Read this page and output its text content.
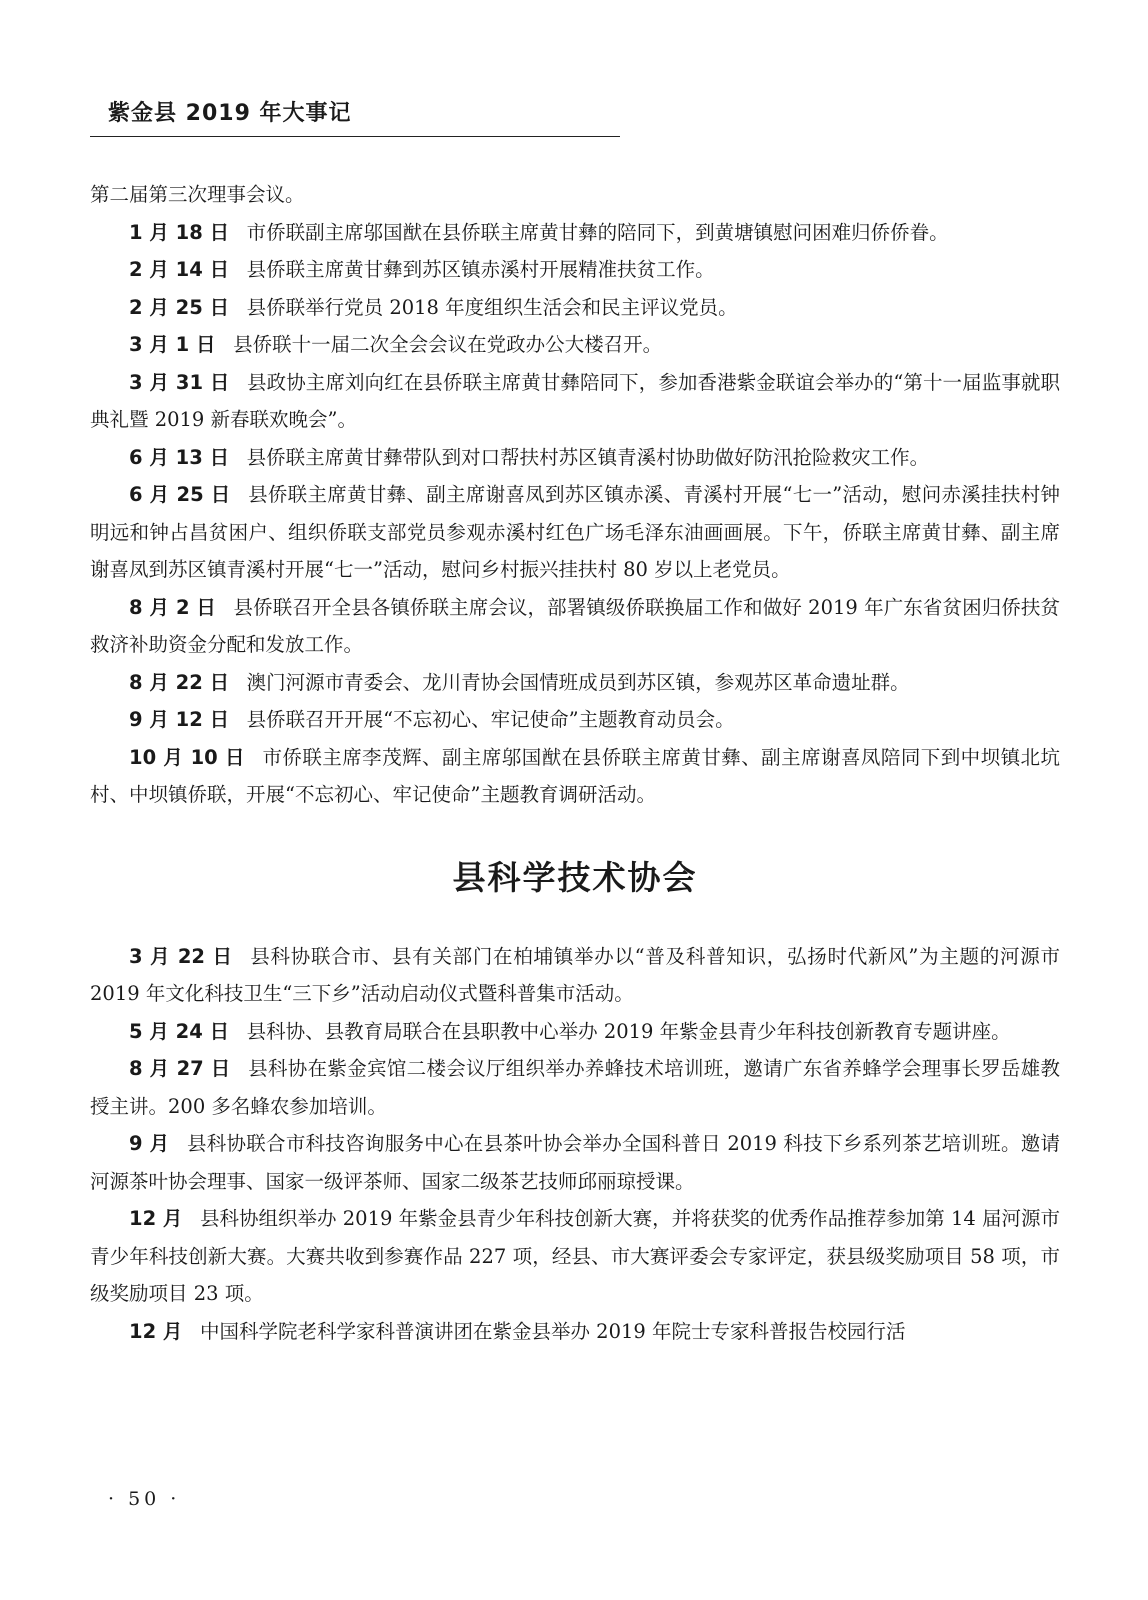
紫金县 2019 年大事记

第二届第三次理事会议。

1 月 18 日 市侨联副主席邬国猷在县侨联主席黄甘彝的陪同下，到黄塘镇慰问困难归侨侨眷。

2 月 14 日 县侨联主席黄甘彝到苏区镇赤溪村开展精准扶贫工作。

2 月 25 日 县侨联举行党员 2018 年度组织生活会和民主评议党员。

3 月 1 日 县侨联十一届二次全会会议在党政办公大楼召开。

3 月 31 日 县政协主席刘向红在县侨联主席黄甘彝陪同下，参加香港紫金联谊会举办的“第十一届监事就职典礼暨 2019 新春联欢晚会”。

6 月 13 日 县侨联主席黄甘彝带队到对口帮扶村苏区镇青溪村协助做好防汛抢险救灾工作。

6 月 25 日 县侨联主席黄甘彝、副主席谢喜凤到苏区镇赤溪、青溪村开展“七一”活动，慰问赤溪挂扶村钟明远和钟占昌贫困户、组织侨联支部党员参观赤溪村红色广场毛泽东油画画展。下午，侨联主席黄甘彝、副主席谢喜凤到苏区镇青溪村开展“七一”活动，慰问乡村振兴挂扶村 80 岁以上老党员。

8 月 2 日 县侨联召开全县各镇侨联主席会议，部署镇级侨联换届工作和做好 2019 年广东省贫困归侨扶贫救济补助资金分配和发放工作。

8 月 22 日 澳门河源市青委会、龙川青协会国情班成员到苏区镇，参观苏区革命遗址群。

9 月 12 日 县侨联召开开展“不忘初心、牢记使命”主题教育动员会。

10 月 10 日 市侨联主席李茂辉、副主席邬国猷在县侨联主席黄甘彝、副主席谢喜凤陪同下到中坝镇北坑村、中坝镇侨联，开展“不忘初心、牢记使命”主题教育调研活动。

县科学技术协会

3 月 22 日 县科协联合市、县有关部门在柏埔镇举办以“普及科普知识，弘扬时代新风”为主题的河源市 2019 年文化科技卫生“三下乡”活动启动仪式暨科普集市活动。

5 月 24 日 县科协、县教育局联合在县职教中心举办 2019 年紫金县青少年科技创新教育专题讲座。

8 月 27 日 县科协在紫金宾馆二楼会议厅组织举办养蜂技术培训班，邀请广东省养蜂学会理事长罗岳雄教授主讲。200 多名蜂农参加培训。

9 月 县科协联合市科技咨询服务中心在县茶叶协会举办全国科普日 2019 科技下乡系列茶艺培训班。邀请河源茶叶协会理事、国家一级评茶师、国家二级茶艺技师邱丽琼授课。

12 月 县科协组织举办 2019 年紫金县青少年科技创新大赛，并将获奖的优秀作品推荐参加第 14 届河源市青少年科技创新大赛。大赛共收到参赛作品 227 项，经县、市大赛评委会专家评定，获县级奖励项目 58 项，市级奖励项目 23 项。

12 月 中国科学院老科学家科普演讲团在紫金县举办 2019 年院士专家科普报告校园行活

· 50 ·
